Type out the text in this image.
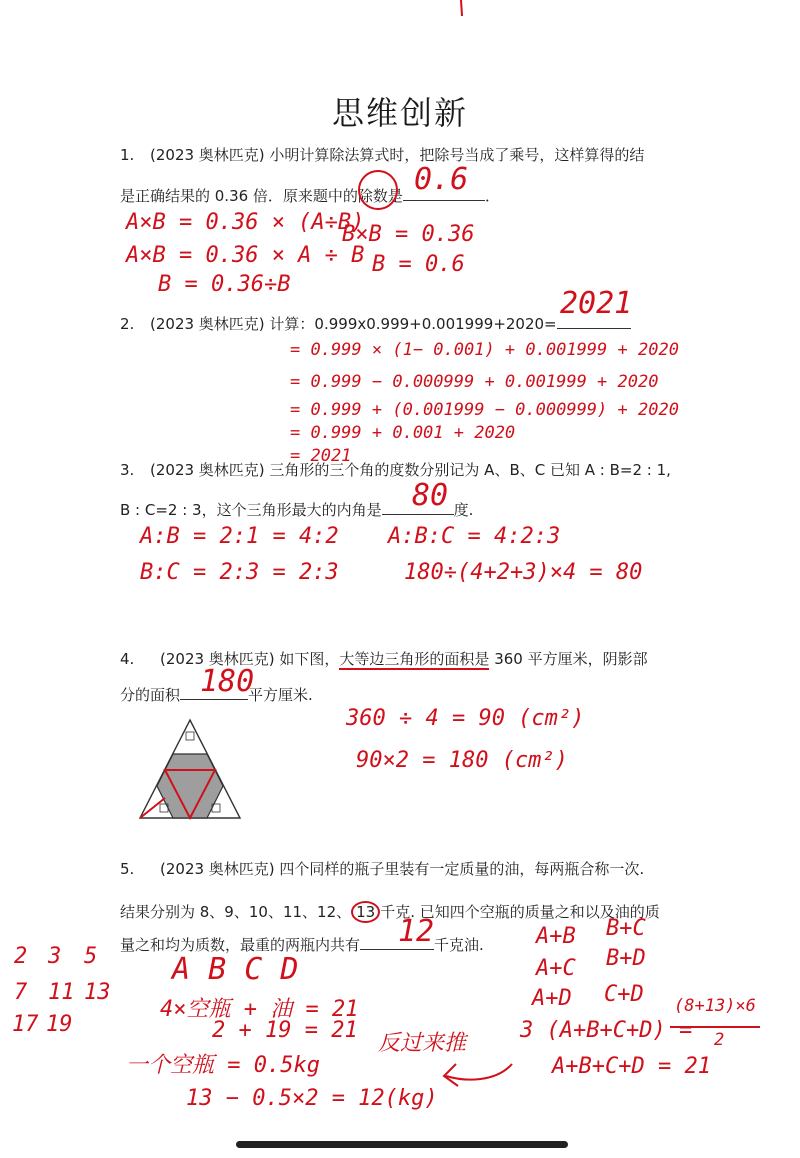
思维创新
1. (2023 奥林匹克) 小明计算除法算式时，把除号当成了乘号，这样算得的结
是正确结果的 0.36 倍．原来题中的除数是	．
0.6
A×B = 0.36 × (A÷B)
A×B = 0.36 × A ÷ B
B = 0.36÷B
B×B = 0.36
B = 0.6
2. (2023 奥林匹克) 计算：0.999x0.999+0.001999+2020=
2021
= 0.999 × (1− 0.001) + 0.001999 + 2020
= 0.999 − 0.000999 + 0.001999 + 2020
= 0.999 + (0.001999 − 0.000999) + 2020
= 0.999 + 0.001 + 2020
= 2021
3. (2023 奥林匹克) 三角形的三个角的度数分别记为 A、B、C 已知 A : B=2 : 1,
B : C=2 : 3，这个三角形最大的内角是	度.
80
A:B = 2:1 = 4:2
B:C = 2:3 = 2:3
A:B:C = 4:2:3
180÷(4+2+3)×4 = 80
4. (2023 奥林匹克) 如下图，大等边三角形的面积是 360 平方厘米，阴影部
分的面积	平方厘米.
180
360 ÷ 4 = 90 (cm²)
90×2 = 180 (cm²)
5. (2023 奥林匹克) 四个同样的瓶子里装有一定质量的油，每两瓶合称一次.
结果分别为 8、9、10、11、12、 13 千克. 已知四个空瓶的质量之和以及油的质
量之和均为质数，最重的两瓶内共有	千克油.
12
2 3 5
7 11 13
17 19
A B C D
4×空瓶 + 油 = 21
2 + 19 = 21
一个空瓶 = 0.5kg
13 − 0.5×2 = 12(kg)
反过来推
A+B B+C
A+C B+D
A+D C+D
3 (A+B+C+D) =
(8+13)×6
2
A+B+C+D = 21
